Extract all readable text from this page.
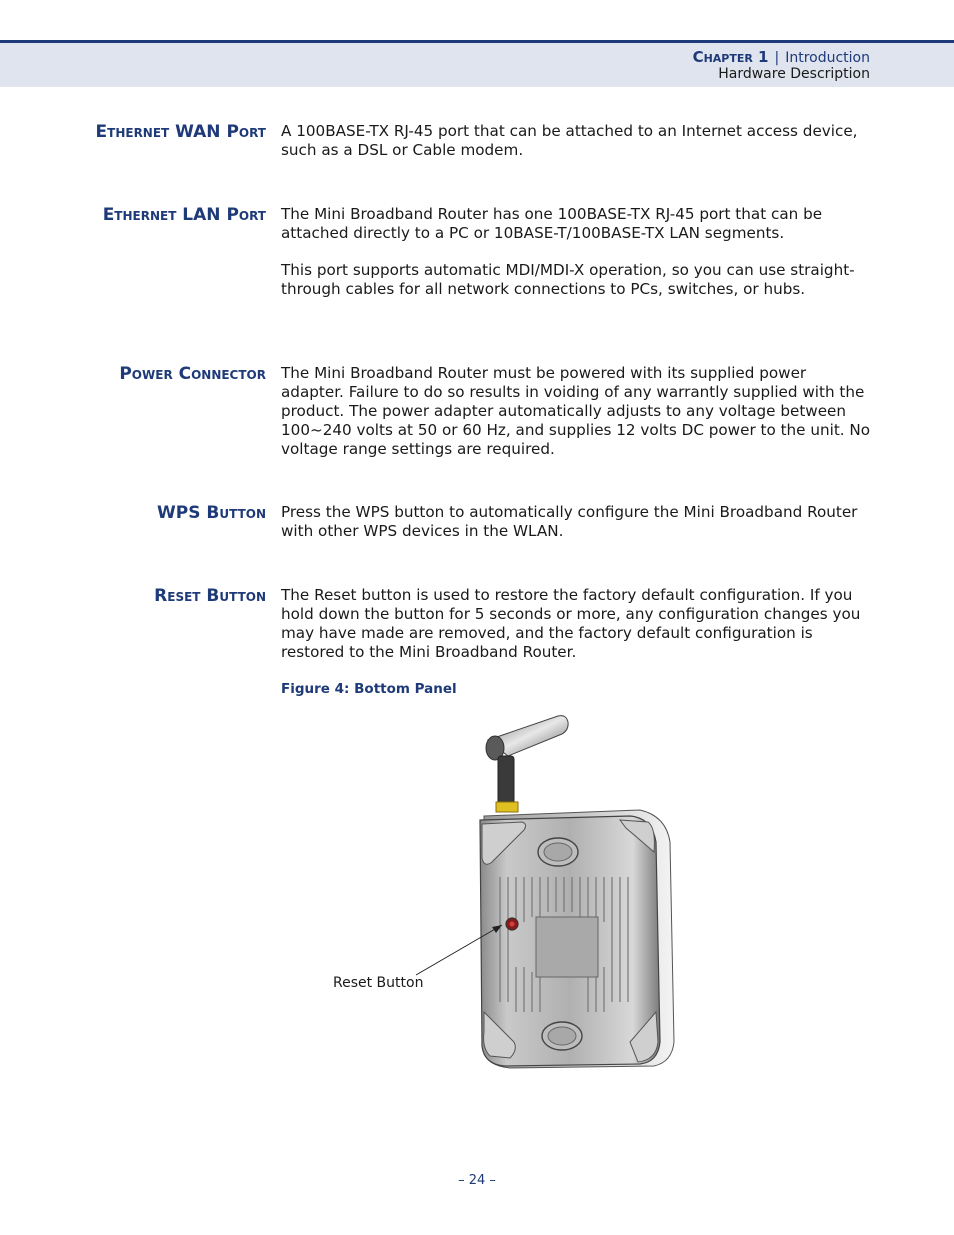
Chapter 1 | Introduction
Hardware Description
Ethernet WAN Port A 100BASE-TX RJ-45 port that can be attached to an Internet access device, such as a DSL or Cable modem.

Ethernet LAN Port The Mini Broadband Router has one 100BASE-TX RJ-45 port that can be attached directly to a PC or 10BASE-T/100BASE-TX LAN segments.

This port supports automatic MDI/MDI-X operation, so you can use straight-through cables for all network connections to PCs, switches, or hubs.

Power Connector The Mini Broadband Router must be powered with its supplied power adapter. Failure to do so results in voiding of any warrantly supplied with the product. The power adapter automatically adjusts to any voltage between 100~240 volts at 50 or 60 Hz, and supplies 12 volts DC power to the unit. No voltage range settings are required.

WPS Button Press the WPS button to automatically configure the Mini Broadband Router with other WPS devices in the WLAN.

Reset Button The Reset button is used to restore the factory default configuration. If you hold down the button for 5 seconds or more, any configuration changes you may have made are removed, and the factory default configuration is restored to the Mini Broadband Router.

Figure 4: Bottom Panel
Reset Button
– 24 –
